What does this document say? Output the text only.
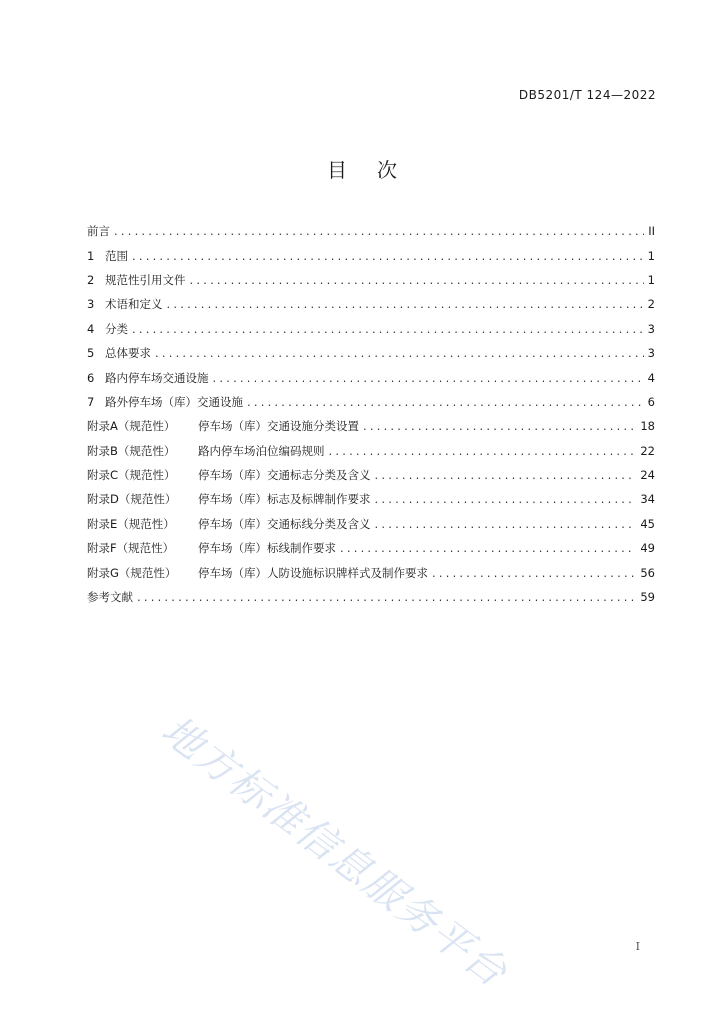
DB5201/T 124—2022
目次
前言 .....	II
1 范围 .....	1
2 规范性引用文件 .....	1
3 术语和定义 .....	2
4 分类 .....	3
5 总体要求 .....	3
6 路内停车场交通设施 .....	4
7 路外停车场（库）交通设施 .....	6
附录A（规范性）	停车场（库）交通设施分类设置 .....	18
附录B（规范性）	路内停车场泊位编码规则 .....	22
附录C（规范性）	停车场（库）交通标志分类及含义 .....	24
附录D（规范性）	停车场（库）标志及标牌制作要求 .....	34
附录E（规范性）	停车场（库）交通标线分类及含义 .....	45
附录F（规范性）	停车场（库）标线制作要求 .....	49
附录G（规范性）	停车场（库）人防设施标识牌样式及制作要求 .....	56
参考文献 .....	59
地方标准信息服务平台	I
